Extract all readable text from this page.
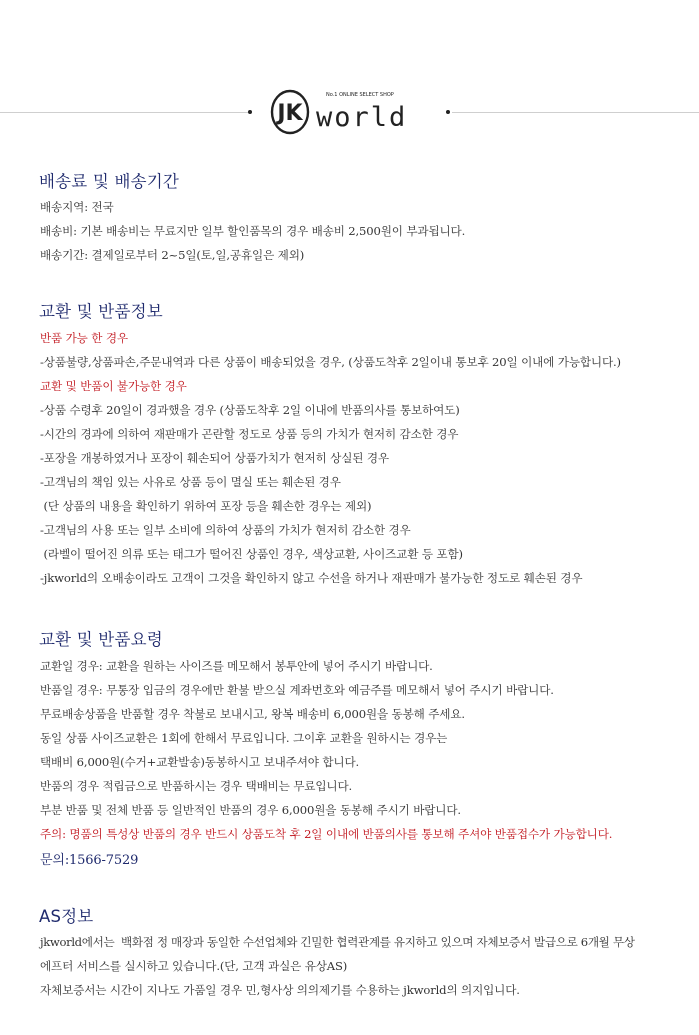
JK
No.1 ONLINE SELECT SHOP
world
배송료 및 배송기간
배송지역: 전국
배송비: 기본 배송비는 무료지만 일부 할인품목의 경우 배송비 2,500원이 부과됩니다.
배송기간: 결제일로부터 2~5일(토,일,공휴일은 제외)
교환 및 반품정보
반품 가능 한 경우
-상품불량,상품파손,주문내역과 다른 상품이 배송되었을 경우, (상품도착후 2일이내 통보후 20일 이내에 가능합니다.)
교환 및 반품이 불가능한 경우
-상품 수령후 20일이 경과했을 경우 (상품도착후 2일 이내에 반품의사를 통보하여도)
-시간의 경과에 의하여 재판매가 곤란할 정도로 상품 등의 가치가 현저히 감소한 경우
-포장을 개봉하였거나 포장이 훼손되어 상품가치가 현저히 상실된 경우
-고객님의 책임 있는 사유로 상품 등이 멸실 또는 훼손된 경우
(단 상품의 내용을 확인하기 위하여 포장 등을 훼손한 경우는 제외)
-고객님의 사용 또는 일부 소비에 의하여 상품의 가치가 현저히 감소한 경우
(라벨이 떨어진 의류 또는 태그가 떨어진 상품인 경우, 색상교환, 사이즈교환 등 포함)
-jkworld의 오배송이라도 고객이 그것을 확인하지 않고 수선을 하거나 재판매가 불가능한 정도로 훼손된 경우
교환 및 반품요령
교환일 경우: 교환을 원하는 사이즈를 메모해서 봉투안에 넣어 주시기 바랍니다.
반품일 경우: 무통장 입금의 경우에만 환불 받으실 계좌번호와 예금주를 메모해서 넣어 주시기 바랍니다.
무료배송상품을 반품할 경우 착불로 보내시고, 왕복 배송비 6,000원을 동봉해 주세요.
동일 상품 사이즈교환은 1회에 한해서 무료입니다. 그이후 교환을 원하시는 경우는
택배비 6,000원(수거+교환발송)동봉하시고 보내주셔야 합니다.
반품의 경우 적립금으로 반품하시는 경우 택배비는 무료입니다.
부분 반품 및 전체 반품 등 일반적인 반품의 경우 6,000원을 동봉해 주시기 바랍니다.
주의: 명품의 특성상 반품의 경우 반드시 상품도착 후 2일 이내에 반품의사를 통보해 주셔야 반품접수가 가능합니다.
문의:1566-7529
AS정보
jkworld에서는  백화점 정 매장과 동일한 수선업체와 긴밀한 협력관계를 유지하고 있으며 자체보증서 발급으로 6개월 무상
에프터 서비스를 실시하고 있습니다.(단, 고객 과실은 유상AS)
자체보증서는 시간이 지나도 가품일 경우 민,형사상 의의제기를 수용하는 jkworld의 의지입니다.
